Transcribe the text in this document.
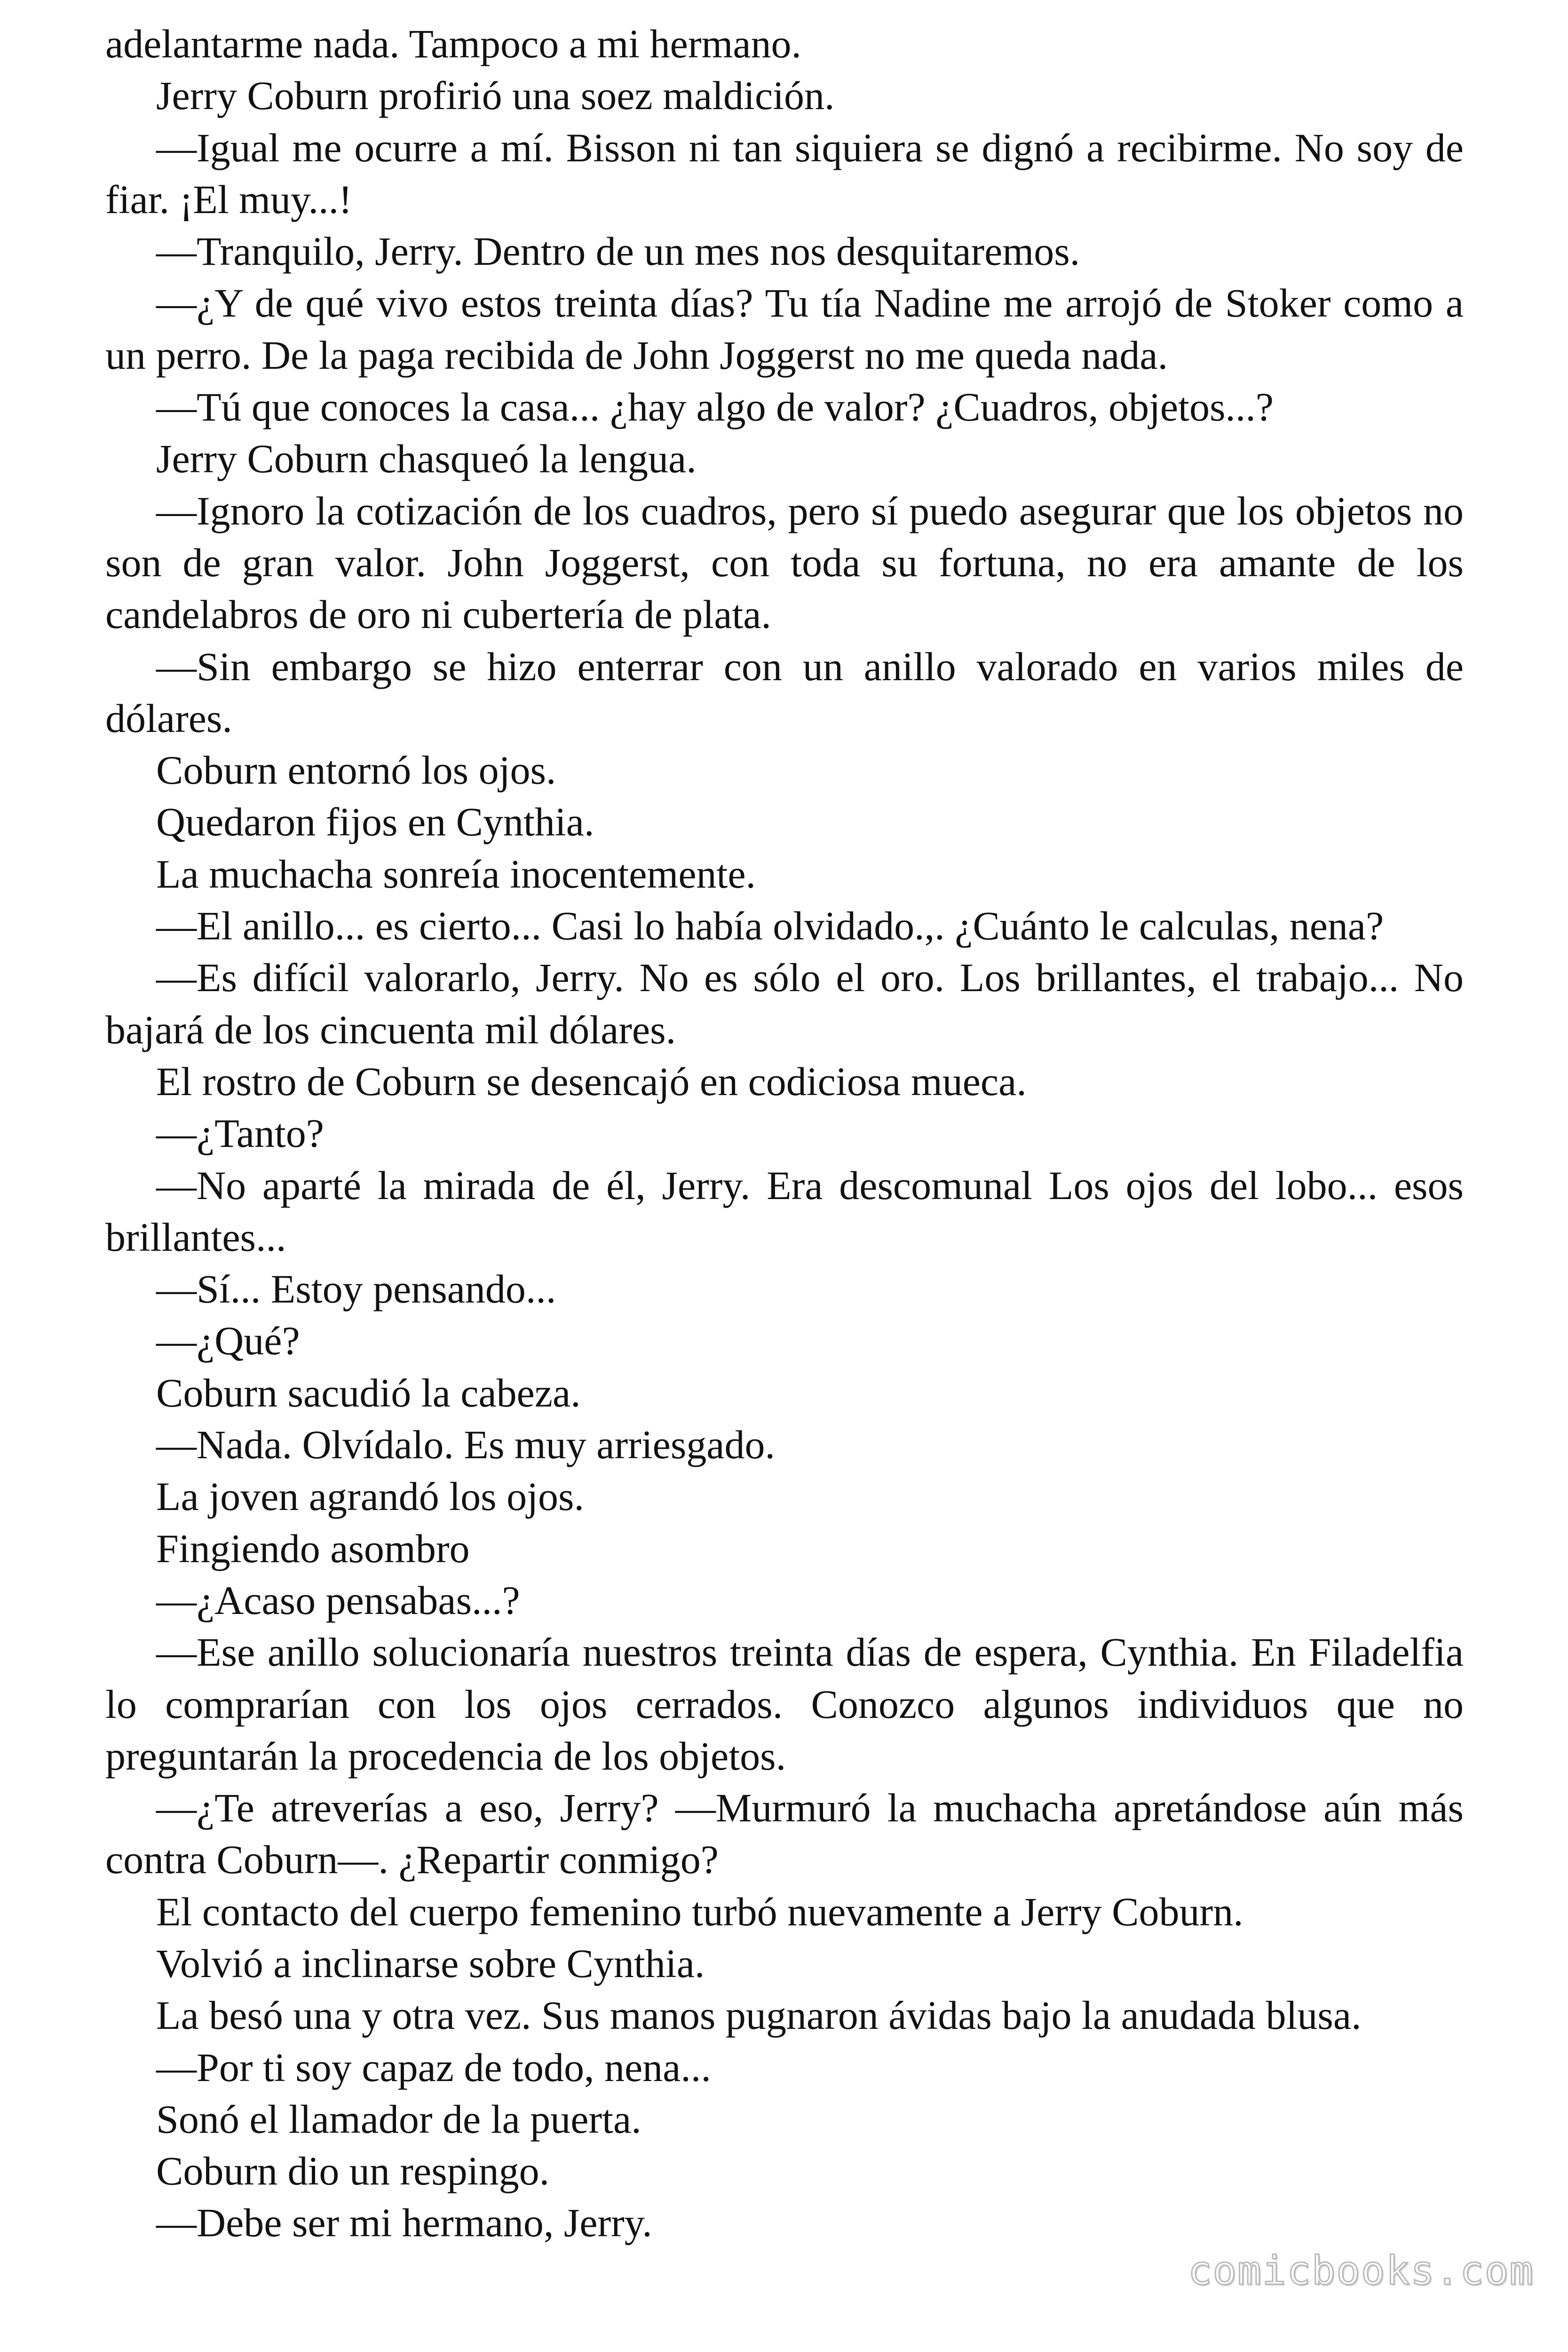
adelantarme nada. Tampoco a mi hermano.

Jerry Coburn profirió una soez maldición.

—Igual me ocurre a mí. Bisson ni tan siquiera se dignó a recibirme. No soy de fiar. ¡El muy...!

—Tranquilo, Jerry. Dentro de un mes nos desquitaremos.

—¿Y de qué vivo estos treinta días? Tu tía Nadine me arrojó de Stoker como a un perro. De la paga recibida de John Joggerst no me queda nada.

—Tú que conoces la casa... ¿hay algo de valor? ¿Cuadros, objetos...?

Jerry Coburn chasqueó la lengua.

—Ignoro la cotización de los cuadros, pero sí puedo asegurar que los objetos no son de gran valor. John Joggerst, con toda su fortuna, no era amante de los candelabros de oro ni cubertería de plata.

—Sin embargo se hizo enterrar con un anillo valorado en varios miles de dólares.

Coburn entornó los ojos.

Quedaron fijos en Cynthia.

La muchacha sonreía inocentemente.

—El anillo... es cierto... Casi lo había olvidado.,. ¿Cuánto le calculas, nena?

—Es difícil valorarlo, Jerry. No es sólo el oro. Los brillantes, el trabajo... No bajará de los cincuenta mil dólares.

El rostro de Coburn se desencajó en codiciosa mueca.

—¿Tanto?

—No aparté la mirada de él, Jerry. Era descomunal Los ojos del lobo... esos brillantes...

—Sí... Estoy pensando...

—¿Qué?

Coburn sacudió la cabeza.

—Nada. Olvídalo. Es muy arriesgado.

La joven agrandó los ojos.

Fingiendo asombro

—¿Acaso pensabas...?

—Ese anillo solucionaría nuestros treinta días de espera, Cynthia. En Filadelfia lo comprarían con los ojos cerrados. Conozco algunos individuos que no preguntarán la procedencia de los objetos.

—¿Te atreverías a eso, Jerry? —Murmuró la muchacha apretándose aún más contra Coburn—. ¿Repartir conmigo?

El contacto del cuerpo femenino turbó nuevamente a Jerry Coburn.

Volvió a inclinarse sobre Cynthia.

La besó una y otra vez. Sus manos pugnaron ávidas bajo la anudada blusa.

—Por ti soy capaz de todo, nena...

Sonó el llamador de la puerta.

Coburn dio un respingo.

—Debe ser mi hermano, Jerry.

comicbooks.com
